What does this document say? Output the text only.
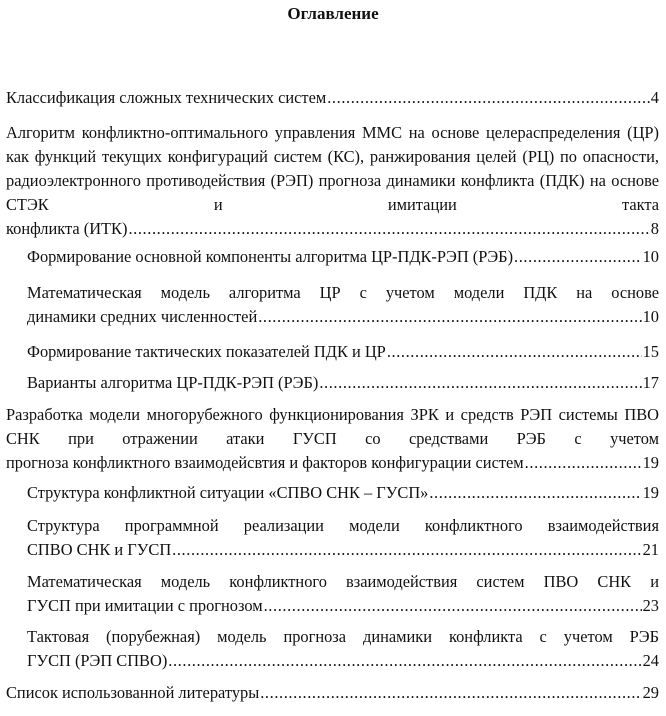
Оглавление
Классификация сложных технических систем .....	4
Алгоритм конфликтно-оптимального управления ММС на основе целераспределения (ЦР) как функций текущих конфигураций систем (КС), ранжирования целей (РЦ) по опасности, радиоэлектронного противодействия (РЭП) прогноза динамики конфликта (ПДК) на основе СТЭК и имитации такта
конфликта (ИТК) .....	8
Формирование основной компоненты алгоритма ЦР-ПДК-РЭП (РЭБ) .....	10
Математическая модель алгоритма ЦР с учетом модели ПДК на основе
динамики средних численностей .....	10
Формирование тактических показателей ПДК и ЦР .....	15
Варианты алгоритма ЦР-ПДК-РЭП (РЭБ) .....	17
Разработка модели многорубежного функционирования ЗРК и средств РЭП системы ПВО СНК при отражении атаки ГУСП со средствами РЭБ с учетом
прогноза конфликтного взаимодейсвтия и факторов конфигурации систем .....	19
Структура конфликтной ситуации «СПВО СНК – ГУСП» .....	19
Структура программной реализации модели конфликтного взаимодействия
СПВО СНК и ГУСП .....	21
Математическая модель конфликтного взаимодействия систем ПВО СНК и
ГУСП при имитации с прогнозом .....	23
Тактовая (порубежная) модель прогноза динамики конфликта с учетом РЭБ
ГУСП (РЭП СПВО) .....	24
Список использованной литературы .....	29
